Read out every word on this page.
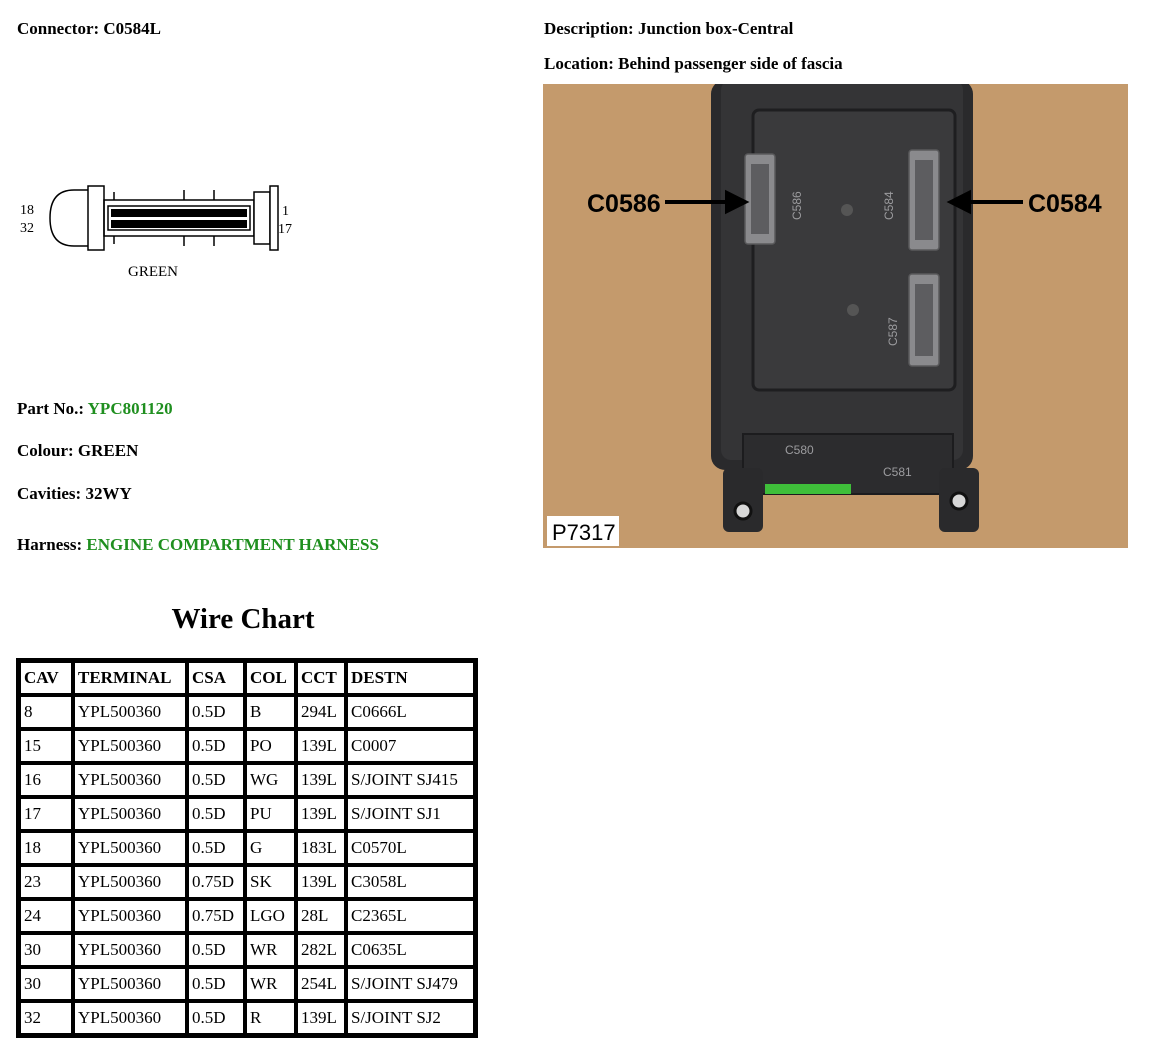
Connector: C0584L	Description: Junction box-Central
Location: Behind passenger side of fascia
18
32
1
17
GREEN
C586	C584
C587
C580
C581
C0586	C0584
P7317
Part No.: YPC801120
Colour: GREEN
Cavities: 32WY
Harness: ENGINE COMPARTMENT HARNESS
Wire Chart
CAV	TERMINAL	CSA	COL	CCT	DESTN
8	YPL500360	0.5D	B	294L	C0666L
15	YPL500360	0.5D	PO	139L	C0007
16	YPL500360	0.5D	WG	139L	S/JOINT SJ415
17	YPL500360	0.5D	PU	139L	S/JOINT SJ1
18	YPL500360	0.5D	G	183L	C0570L
23	YPL500360	0.75D	SK	139L	C3058L
24	YPL500360	0.75D	LGO	28L	C2365L
30	YPL500360	0.5D	WR	282L	C0635L
30	YPL500360	0.5D	WR	254L	S/JOINT SJ479
32	YPL500360	0.5D	R	139L	S/JOINT SJ2
